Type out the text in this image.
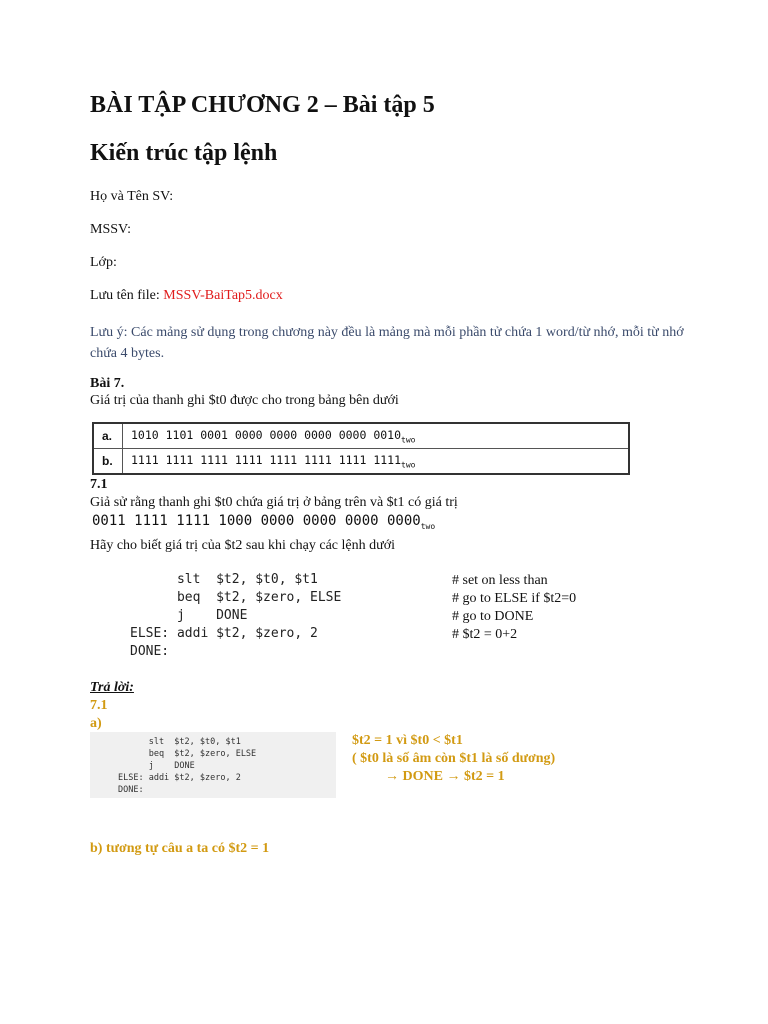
BÀI TẬP CHƯƠNG 2 – Bài tập 5
Kiến trúc tập lệnh
Họ và Tên SV:
MSSV:
Lớp:
Lưu tên file: MSSV-BaiTap5.docx
Lưu ý: Các mảng sử dụng trong chương này đều là mảng mà mỗi phần tử chứa 1 word/từ nhớ, mỗi từ nhớ chứa 4 bytes.
Bài 7.
Giá trị của thanh ghi $t0 được cho trong bảng bên dưới
a.	1010 1101 0001 0000 0000 0000 0000 $0010_{two}$
b.	1111 1111 1111 1111 1111 1111 1111 $1111_{two}$
7.1
Giả sử rằng thanh ghi $t0 chứa giá trị ở bảng trên và $t1 có giá trị
0011 1111 1111 1000 0000 0000 0000 $0000_{two}$
Hãy cho biết giá trị của $t2 sau khi chạy các lệnh dưới
slt  $t2, $t0, $t1
beq  $t2, $zero, ELSE
j    DONE
ELSE: addi $t2, $zero, 2
DONE:
# set on less than
# go to ELSE if $t2=0
# go to DONE
# $t2 = 0+2
Trả lời:
7.1
a)
slt  $t2, $t0, $t1
beq  $t2, $zero, ELSE
j    DONE
ELSE: addi $t2, $zero, 2
DONE:
$t2 = 1 vì $t0 < $t1
( $t0 là số âm còn $t1 là số dương)
→ DONE → $t2 = 1
b) tương tự câu a ta có $t2 = 1
